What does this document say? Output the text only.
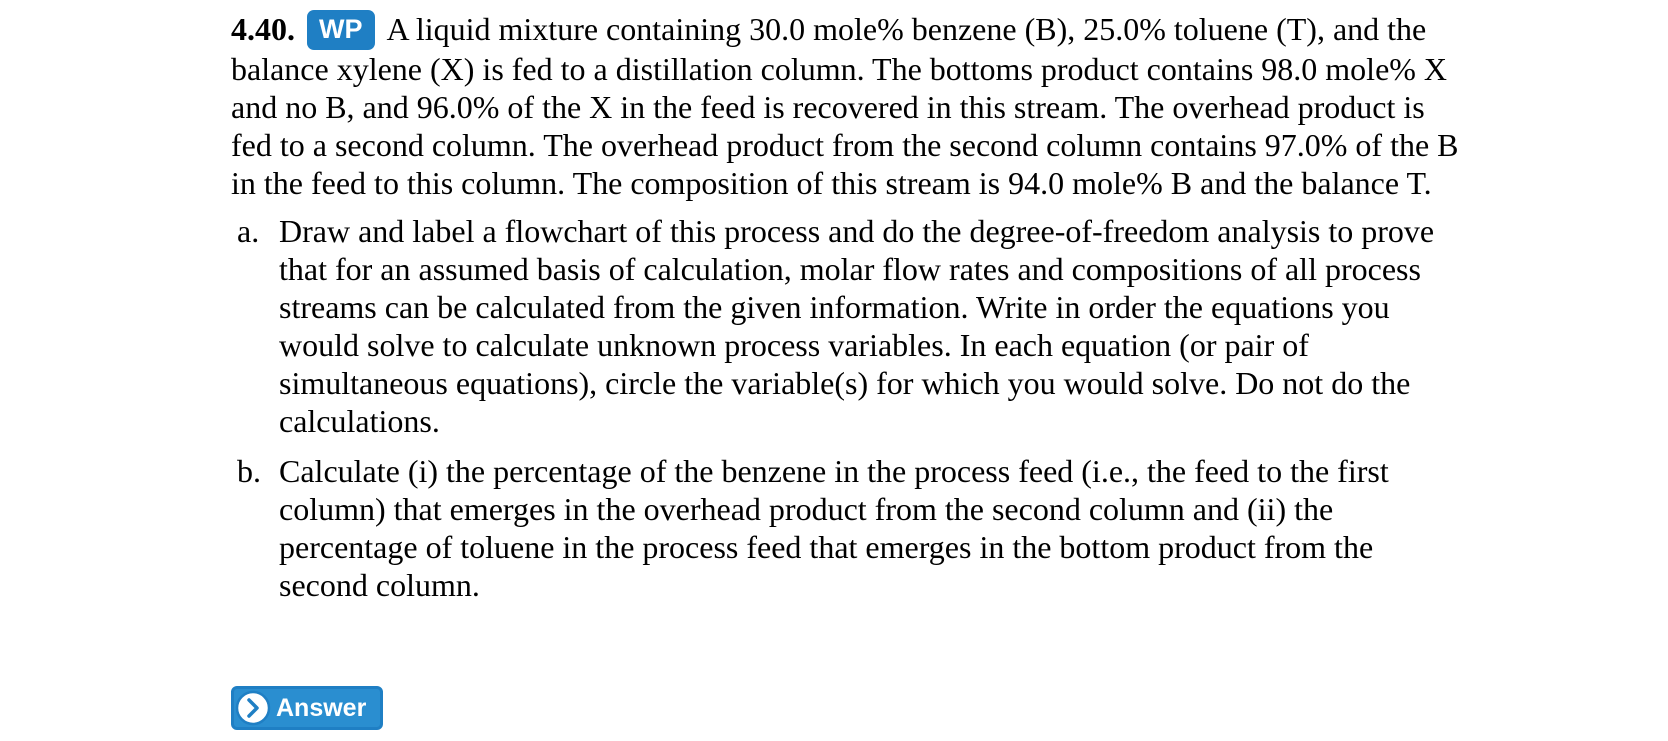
4.40. WP A liquid mixture containing 30.0 mole% benzene (B), 25.0% toluene (T), and the balance xylene (X) is fed to a distillation column. The bottoms product contains 98.0 mole% X and no B, and 96.0% of the X in the feed is recovered in this stream. The overhead product is fed to a second column. The overhead product from the second column contains 97.0% of the B in the feed to this column. The composition of this stream is 94.0 mole% B and the balance T.

a. Draw and label a flowchart of this process and do the degree-of-freedom analysis to prove that for an assumed basis of calculation, molar flow rates and compositions of all process streams can be calculated from the given information. Write in order the equations you would solve to calculate unknown process variables. In each equation (or pair of simultaneous equations), circle the variable(s) for which you would solve. Do not do the calculations.
b. Calculate (i) the percentage of the benzene in the process feed (i.e., the feed to the first column) that emerges in the overhead product from the second column and (ii) the percentage of toluene in the process feed that emerges in the bottom product from the second column.
Answer
